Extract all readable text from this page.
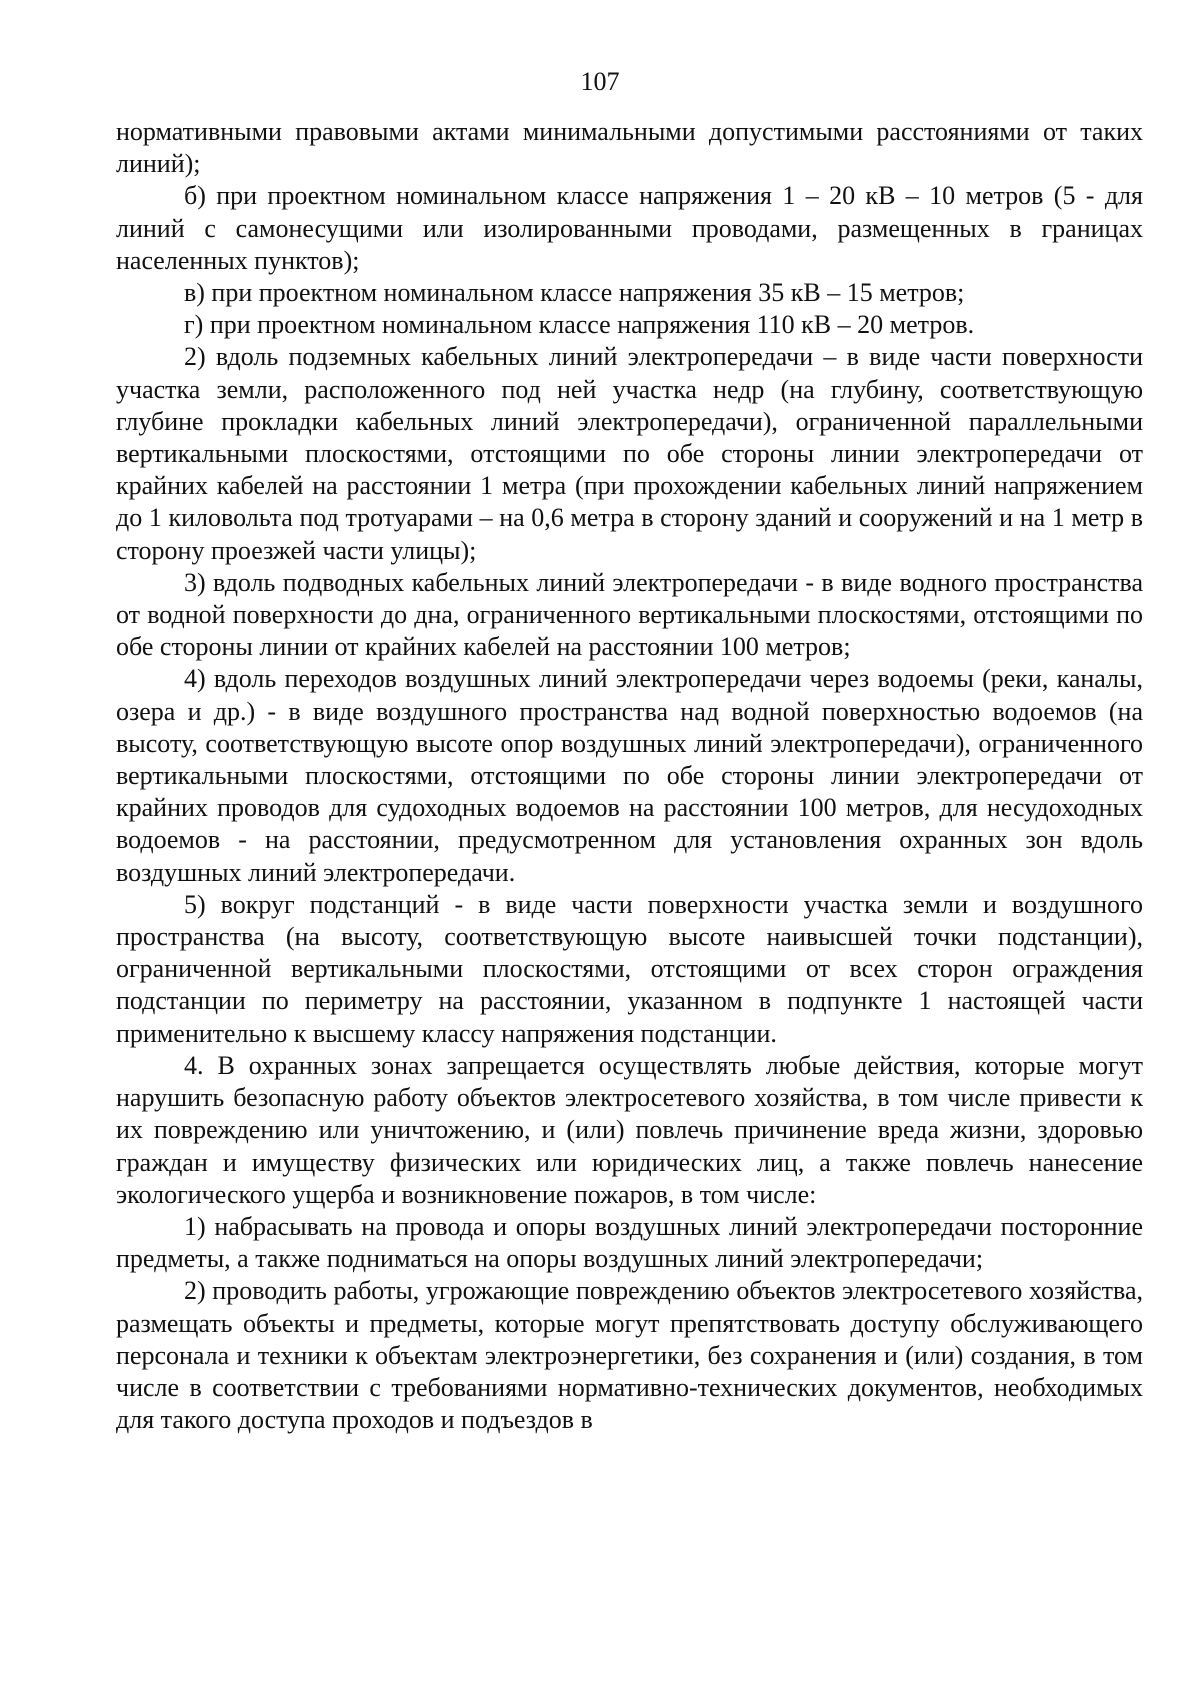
107

нормативными правовыми актами минимальными допустимыми расстояниями от таких линий);

б) при проектном номинальном классе напряжения 1 – 20 кВ – 10 метров (5 - для линий с самонесущими или изолированными проводами, размещенных в границах населенных пунктов);

в) при проектном номинальном классе напряжения 35 кВ – 15 метров;

г) при проектном номинальном классе напряжения 110 кВ – 20 метров.

2) вдоль подземных кабельных линий электропередачи – в виде части поверхности участка земли, расположенного под ней участка недр (на глубину, соответствующую глубине прокладки кабельных линий электропередачи), ограниченной параллельными вертикальными плоскостями, отстоящими по обе стороны линии электропередачи от крайних кабелей на расстоянии 1 метра (при прохождении кабельных линий напряжением до 1 киловольта под тротуарами – на 0,6 метра в сторону зданий и сооружений и на 1 метр в сторону проезжей части улицы);

3) вдоль подводных кабельных линий электропередачи - в виде водного пространства от водной поверхности до дна, ограниченного вертикальными плоскостями, отстоящими по обе стороны линии от крайних кабелей на расстоянии 100 метров;

4) вдоль переходов воздушных линий электропередачи через водоемы (реки, каналы, озера и др.) - в виде воздушного пространства над водной поверхностью водоемов (на высоту, соответствующую высоте опор воздушных линий электропередачи), ограниченного вертикальными плоскостями, отстоящими по обе стороны линии электропередачи от крайних проводов для судоходных водоемов на расстоянии 100 метров, для несудоходных водоемов - на расстоянии, предусмотренном для установления охранных зон вдоль воздушных линий электропередачи.

5) вокруг подстанций - в виде части поверхности участка земли и воздушного пространства (на высоту, соответствующую высоте наивысшей точки подстанции), ограниченной вертикальными плоскостями, отстоящими от всех сторон ограждения подстанции по периметру на расстоянии, указанном в подпункте 1 настоящей части применительно к высшему классу напряжения подстанции.

4. В охранных зонах запрещается осуществлять любые действия, которые могут нарушить безопасную работу объектов электросетевого хозяйства, в том числе привести к их повреждению или уничтожению, и (или) повлечь причинение вреда жизни, здоровью граждан и имуществу физических или юридических лиц, а также повлечь нанесение экологического ущерба и возникновение пожаров, в том числе:

1) набрасывать на провода и опоры воздушных линий электропередачи посторонние предметы, а также подниматься на опоры воздушных линий электропередачи;

2) проводить работы, угрожающие повреждению объектов электросетевого хозяйства, размещать объекты и предметы, которые могут препятствовать доступу обслуживающего персонала и техники к объектам электроэнергетики, без сохранения и (или) создания, в том числе в соответствии с требованиями нормативно-технических документов, необходимых для такого доступа проходов и подъездов в
